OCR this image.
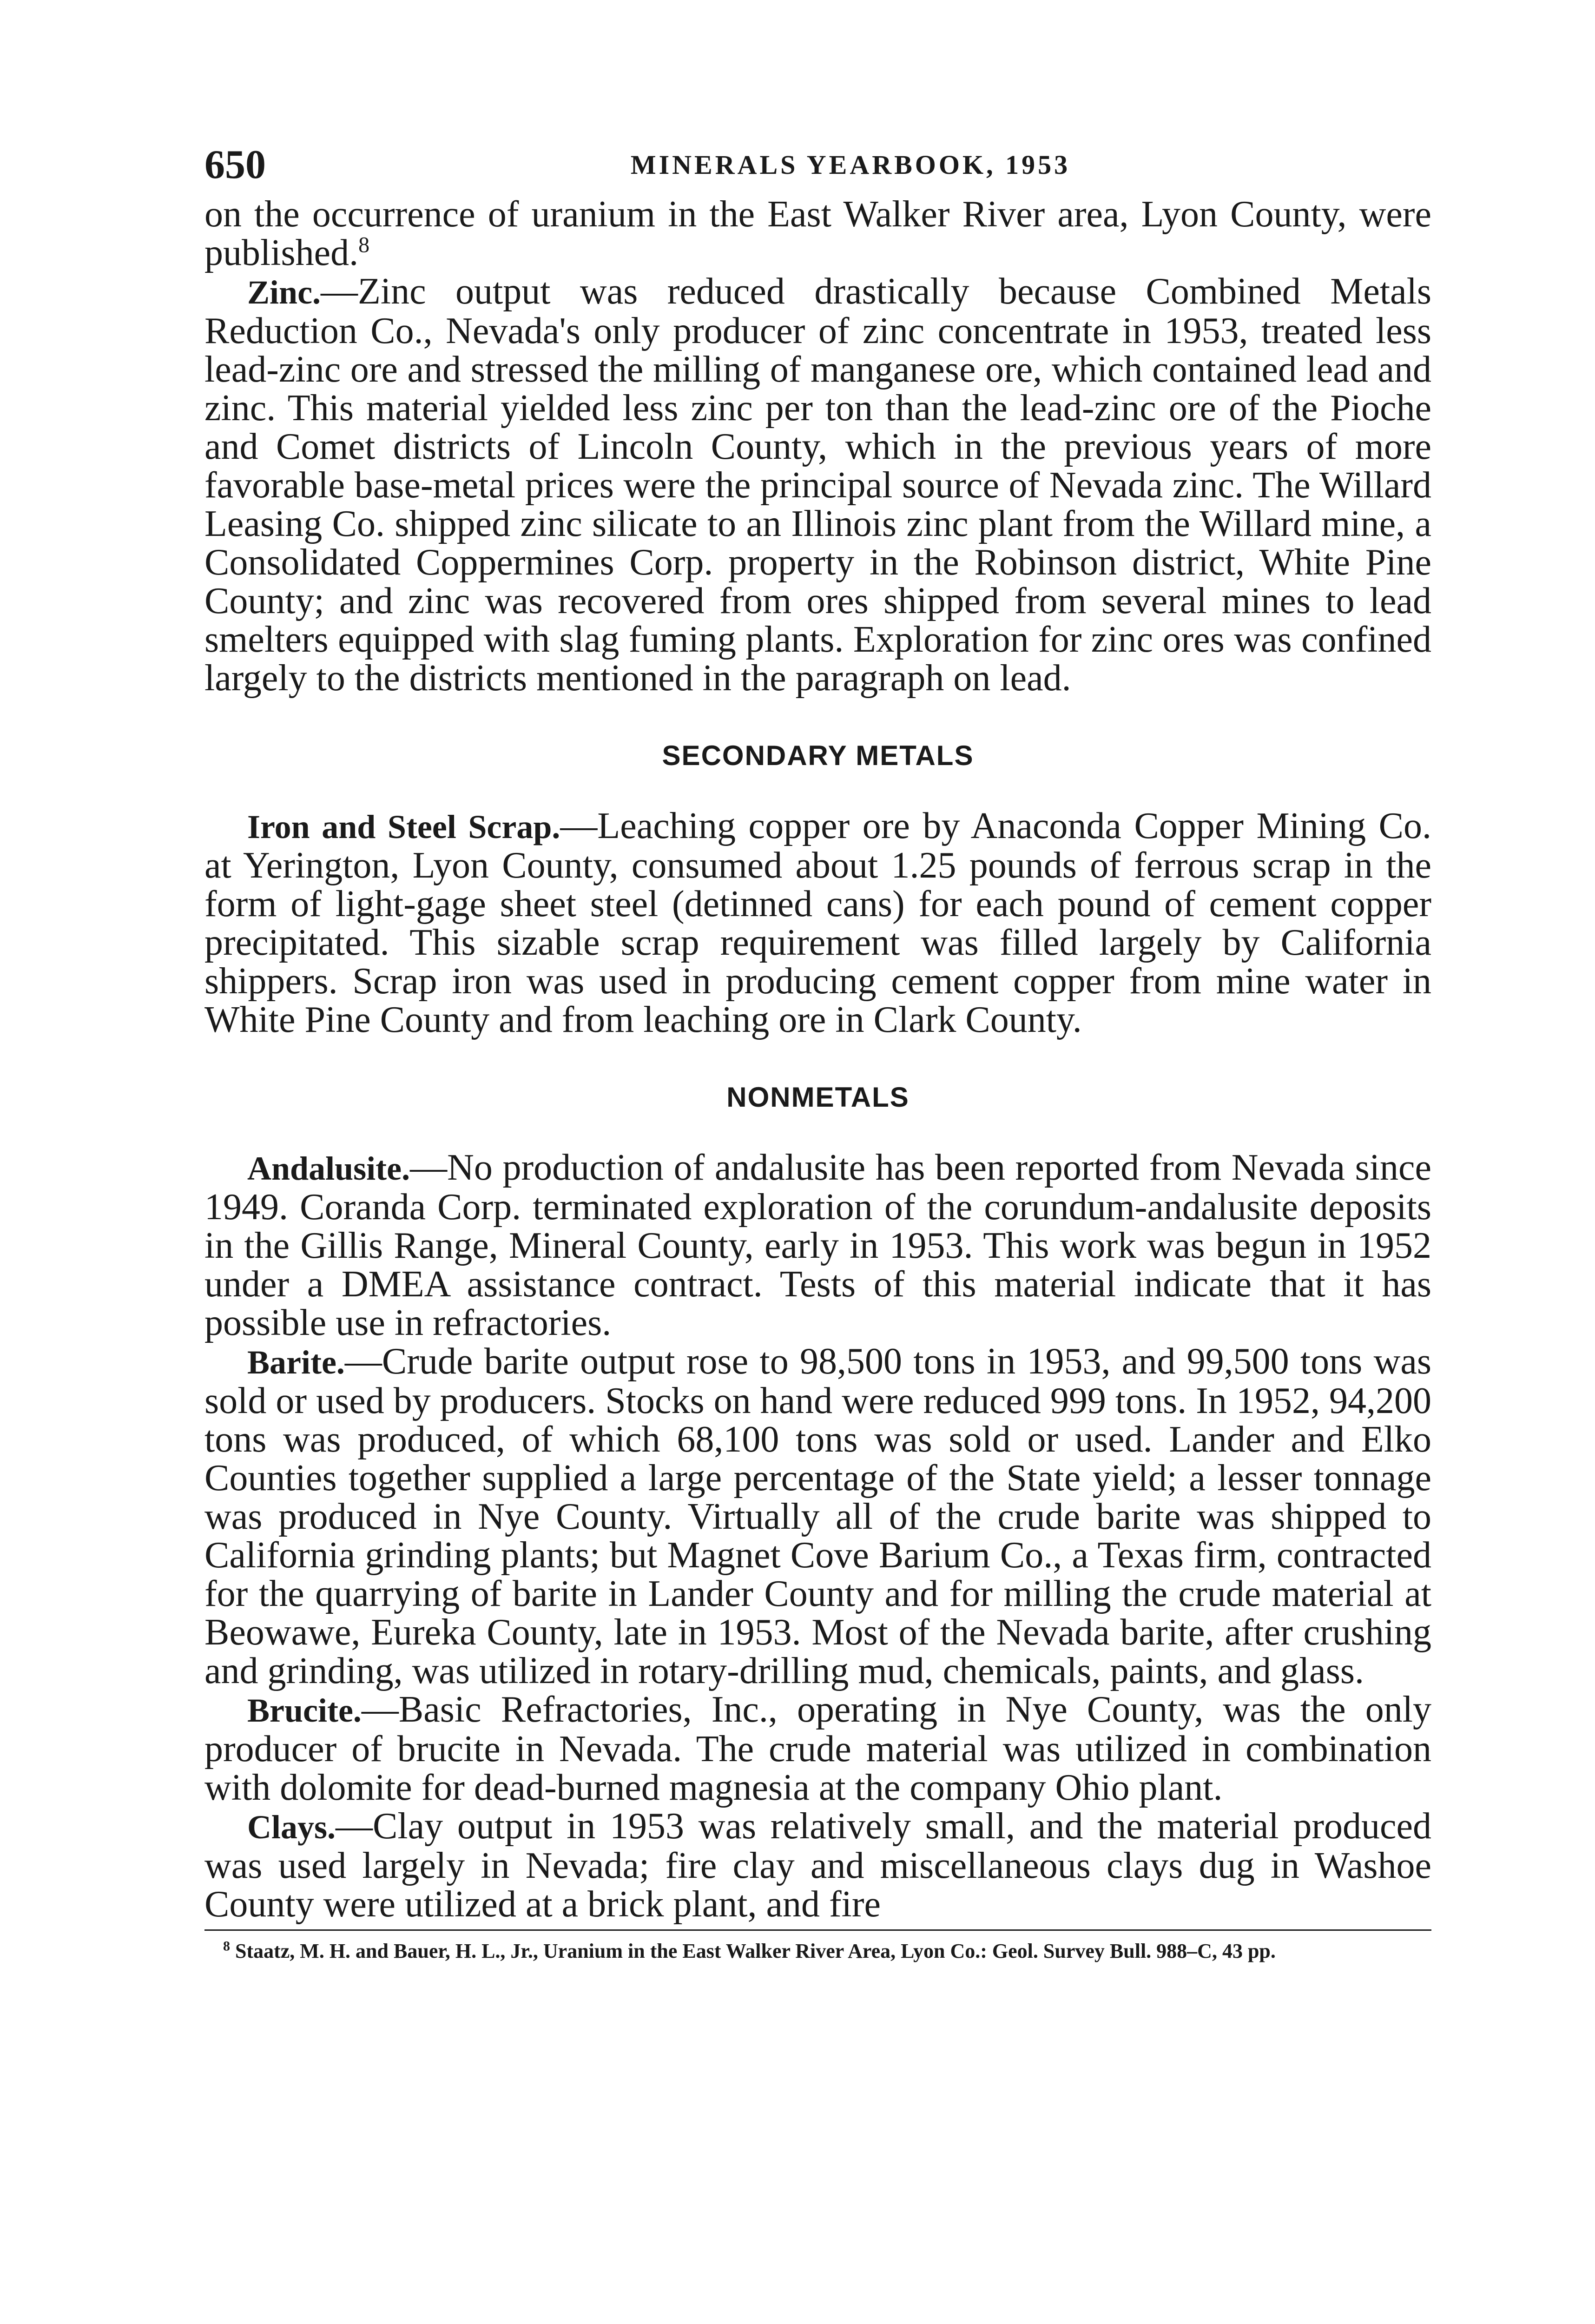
650	MINERALS YEARBOOK, 1953

on the occurrence of uranium in the East Walker River area, Lyon County, were published.$^8$

Zinc.—Zinc output was reduced drastically because Combined Metals Reduction Co., Nevada's only producer of zinc concentrate in 1953, treated less lead-zinc ore and stressed the milling of manganese ore, which contained lead and zinc. This material yielded less zinc per ton than the lead-zinc ore of the Pioche and Comet districts of Lincoln County, which in the previous years of more favorable base-metal prices were the principal source of Nevada zinc. The Willard Leasing Co. shipped zinc silicate to an Illinois zinc plant from the Willard mine, a Consolidated Coppermines Corp. property in the Robinson district, White Pine County; and zinc was recovered from ores shipped from several mines to lead smelters equipped with slag fuming plants. Exploration for zinc ores was confined largely to the districts mentioned in the paragraph on lead.

SECONDARY METALS

Iron and Steel Scrap.—Leaching copper ore by Anaconda Copper Mining Co. at Yerington, Lyon County, consumed about 1.25 pounds of ferrous scrap in the form of light-gage sheet steel (detinned cans) for each pound of cement copper precipitated. This sizable scrap requirement was filled largely by California shippers. Scrap iron was used in producing cement copper from mine water in White Pine County and from leaching ore in Clark County.

NONMETALS

Andalusite.—No production of andalusite has been reported from Nevada since 1949. Coranda Corp. terminated exploration of the corundum-andalusite deposits in the Gillis Range, Mineral County, early in 1953. This work was begun in 1952 under a DMEA assistance contract. Tests of this material indicate that it has possible use in refractories.

Barite.—Crude barite output rose to 98,500 tons in 1953, and 99,500 tons was sold or used by producers. Stocks on hand were reduced 999 tons. In 1952, 94,200 tons was produced, of which 68,100 tons was sold or used. Lander and Elko Counties together supplied a large percentage of the State yield; a lesser tonnage was produced in Nye County. Virtually all of the crude barite was shipped to California grinding plants; but Magnet Cove Barium Co., a Texas firm, contracted for the quarrying of barite in Lander County and for milling the crude material at Beowawe, Eureka County, late in 1953. Most of the Nevada barite, after crushing and grinding, was utilized in rotary-drilling mud, chemicals, paints, and glass.

Brucite.—Basic Refractories, Inc., operating in Nye County, was the only producer of brucite in Nevada. The crude material was utilized in combination with dolomite for dead-burned magnesia at the company Ohio plant.

Clays.—Clay output in 1953 was relatively small, and the material produced was used largely in Nevada; fire clay and miscellaneous clays dug in Washoe County were utilized at a brick plant, and fire

$^8$ Staatz, M. H. and Bauer, H. L., Jr., Uranium in the East Walker River Area, Lyon Co.: Geol. Survey Bull. 988–C, 43 pp.
